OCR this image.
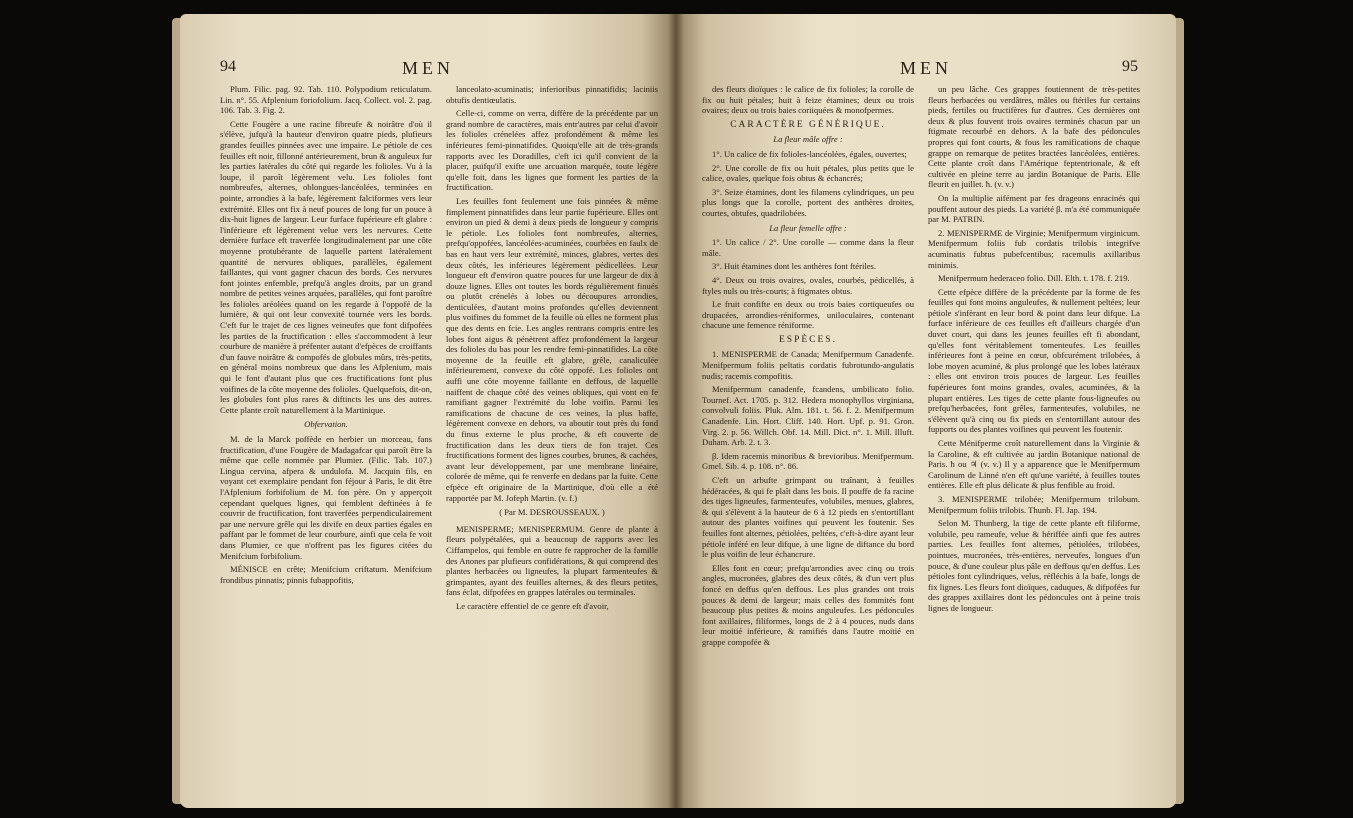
94	MEN

Plum. Filic. pag. 92. Tab. 110. Polypodium reticulatum. Lin. n°. 55. Afplenium foriofolium. Jacq. Collect. vol. 2. pag. 106. Tab. 3. Fig. 2.

Cette Fougère a une racine fibreufe & noirâtre d'où il s'élève, jufqu'à la hauteur d'environ quatre pieds, plufieurs grandes feuilles pinnées avec une impaire. Le pétiole de ces feuilles eft noir, fillonné antérieurement, brun & anguleux fur les parties latérales du côté qui regarde les folioles. Vu à la loupe, il paroît légèrement velu. Les folioles font nombreufes, alternes, oblongues-lancéolées, terminées en pointe, arrondies à la bafe, légèrement falciformes vers leur extrémité. Elles ont fix à neuf pouces de long fur un pouce à dix-huit lignes de largeur. Leur furface fupérieure eft glabre : l'inférieure eft légèrement velue vers les nervures. Cette dernière furface eft traverfée longitudinalement par une côte moyenne protubérante de laquelle partent latéralement quantité de nervures obliques, parallèles, également faillantes, qui vont gagner chacun des bords. Ces nervures font jointes enfemble, prefqu'à angles droits, par un grand nombre de petites veines arquées, parallèles, qui font paroître les folioles aréolées quand on les regarde à l'oppofé de la lumière, & qui ont leur convexité tournée vers les bords. C'eft fur le trajet de ces lignes veineufes que font difpofées les parties de la fructification : elles s'accommodent à leur courbure de manière à préfenter autant d'efpèces de croiffants d'un fauve noirâtre & compofés de globules mûrs, très-petits, en général moins nombreux que dans les Afplenium, mais qui le font d'autant plus que ces fructifications font plus voifines de la côte moyenne des folioles. Quelquefois, dit-on, les globules font plus rares & diftincts les uns des autres. Cette plante croît naturellement à la Martinique.

Obfervation.

M. de la Marck poffède en herbier un morceau, fans fructification, d'une Fougère de Madagafcar qui paroît être la même que celle nommée par Plumier. (Filic. Tab. 107.) Lingua cervina, afpera & undulofa. M. Jacquin fils, en voyant cet exemplaire pendant fon féjour à Paris, le dit être l'Afplenium forbifolium de M. fon père. On y apperçoit cependant quelques lignes, qui femblent deftinées à fe couvrir de fructification, font traverfées perpendiculairement par une nervure grêle qui les divife en deux parties égales en paffant par le fommet de leur courbure, ainfi que cela fe voit dans Plumier, ce que n'offrent pas les figures citées du Menifcium forbifolium.

MÉNISCE en crête; Menifcium criftatum. Menifcium frondibus pinnatis; pinnis fubappofitis,

lanceolato-acuminatis; inferioribus pinnatifidis; laciniis obtufis dentiœulatis.

Celle-ci, comme on verra, diffère de la précédente par un grand nombre de caractères, mais entr'autres par celui d'avoir les folioles crénelées affez profondément & même les inférieures femi-pinnatifides. Quoiqu'elle ait de très-grands rapports avec les Doradilles, c'eft ici qu'il convient de la placer, puifqu'il exifte une arcuation marquée, toute légère qu'elle foit, dans les lignes que forment les parties de la fructification.

Les feuilles font feulement une fois pinnées & même fimplement pinnatifides dans leur partie fupérieure. Elles ont environ un pied & demi à deux pieds de longueur y compris le pétiole. Les folioles font nombreufes, alternes, prefqu'oppofées, lancéolées-acuminées, courbées en faulx de bas en haut vers leur extrémité, minces, glabres, vertes des deux côtés, les inférieures légèrement pédicellées. Leur longueur eft d'environ quatre pouces fur une largeur de dix à douze lignes. Elles ont toutes les bords régulièrement finués ou plutôt crénelés à lobes ou découpures arrondies, denticulées, d'autant moins profondes qu'elles deviennent plus voifines du fommet de la feuille où elles ne forment plus que des dents en fcie. Les angles rentrans compris entre les lobes font aigus & pénètrent affez profondément la largeur des folioles du bas pour les rendre femi-pinnatifides. La côte moyenne de la feuille eft glabre, grêle, canaliculée inférieurement, convexe du côté oppofé. Les folioles ont auffi une côte moyenne faillante en deffous, de laquelle naiffent de chaque côté des veines obliques, qui vont en fe ramifiant gagner l'extrémité du lobe voifin. Parmi les ramifications de chacune de ces veines, la plus baffe, légèrement convexe en dehors, va aboutir tout près du fond du finus externe le plus proche, & eft couverte de fructification dans les deux tiers de fon trajet. Ces fructifications forment des lignes courbes, brunes, & cachées, avant leur développement, par une membrane linéaire, colorée de même, qui fe renverfe en dedans par la fuite. Cette efpèce eft originaire de la Martinique, d'où elle a été rapportée par M. Jofeph Martin. (v. f.)

( Par M. DESROUSSEAUX. )

MENISPERME; MENISPERMUM. Genre de plante à fleurs polypétalées, qui a beaucoup de rapports avec les Ciffampelos, qui femble en outre fe rapprocher de la famille des Anones par plufieurs confidérations, & qui comprend des plantes herbacées ou ligneufes, la plupart farmenteufes & grimpantes, ayant des feuilles alternes, & des fleurs petites, fans éclat, difpofées en grappes latérales ou terminales.

Le caractère effentiel de ce genre eft d'avoir,

MEN	95

des fleurs dioïques : le calice de fix folioles; la corolle de fix ou huit pétales; huit à feize étamines; deux ou trois ovaires; deux ou trois baies coriiquées & monofpermes.

CARACTÈRE GÉNÉRIQUE.

La fleur mâle offre :

1°. Un calice de fix folioles-lancéolées, égales, ouvertes;

2°. Une corolle de fix ou huit pétales, plus petits que le calice, ovales, quelque fois obtus & échancrés;

3°. Seize étamines, dont les filamens cylindriques, un peu plus longs que la corolle, portent des anthères droites, courtes, obtufes, quadrilobées.

La fleur femelle offre :

1°. Un calice / 2°. Une corolle — comme dans la fleur mâle.

3°. Huit étamines dont les anthères font ftériles.

4°. Deux ou trois ovaires, ovales, courbés, pédicellés, à ftyles nuls ou très-courts; à ftigmates obtus.

Le fruit confifte en deux ou trois baies cortiqueufes ou drupacées, arrondies-réniformes, uniloculaires, contenant chacune une femence réniforme.

ESPÈCES.

1. MENISPERME de Canada; Menifpermum Canadenfe. Menifpermum foliis peltatis cordatis fubrotundo-angulatis nudis; racemis compofitis.

Menifpermum canadenfe, fcandens, umbilicato folio. Tournef. Act. 1705. p. 312. Hedera monophyllos virginiana, convolvuli foliis. Pluk. Alm. 181. t. 56. f. 2. Menifpermum Canadenfe. Lin. Hort. Cliff. 140. Hort. Upf. p. 91. Gron. Virg. 2. p. 56. Willch. Obf. 14. Mill. Dict. n°. 1. Mill. Illuft. Duham. Arb. 2. t. 3.

β. Idem racemis minoribus & brevioribus. Menifpermum. Gmel. Sib. 4. p. 108. n°. 86.

C'eft un arbufte grimpant ou traînant, à feuilles hédéracées, & qui fe plaît dans les bois. Il pouffe de fa racine des tiges ligneufes, farmenteufes, volubiles, menues, glabres, & qui s'élèvent à la hauteur de 6 à 12 pieds en s'entortillant autour des plantes voifines qui peuvent les foutenir. Ses feuilles font alternes, pétiolées, peltées, c'eft-à-dire ayant leur pétiole inféré en leur difque, à une ligne de diftance du bord le plus voifin de leur échancrure.

Elles font en cœur; prefqu'arrondies avec cinq ou trois angles, mucronées, glabres des deux côtés, & d'un vert plus foncé en deffus qu'en deffous. Les plus grandes ont trois pouces & demi de largeur; mais celles des fommités font beaucoup plus petites & moins anguleufes. Les pédoncules font axillaires, filiformes, longs de 2 à 4 pouces, nuds dans leur moitié inférieure, & ramifiés dans l'autre moitié en grappe compofée &

un peu lâche. Ces grappes foutiennent de très-petites fleurs herbacées ou verdâtres, mâles ou ftériles fur certains pieds, fertiles ou fructifères fur d'autres. Ces dernières ont deux & plus fouvent trois ovaires terminés chacun par un ftigmate recourbé en dehors. A la bafe des pédoncules propres qui font courts, & fous les ramifications de chaque grappe on remarque de petites bractées lancéolées, entières. Cette plante croît dans l'Amérique feptentrionale, & eft cultivée en pleine terre au jardin Botanique de Paris. Elle fleurit en juillet. ħ. (v. v.)

On la multiplie aifément par fes drageons enracinés qui pouffent autour des pieds. La variété β. m'a été communiquée par M. PATRIN.

2. MENISPERME de Virginie; Menifpermum virginicum. Menifpermum foliis fub cordatis trilobis integrifve acuminatis fubtus pubefcentibus; racemulis axillaribus minimis.

Menifpermum hederaceo folio. Dill. Elth. t. 178. f. 219.

Cette efpèce diffère de la précédente par la forme de fes feuilles qui font moins anguleufes, & nullement peltées; leur pétiole s'infèrant en leur bord & point dans leur difque. La furface inférieure de ces feuilles eft d'ailleurs chargée d'un duvet court, qui dans les jeunes feuilles eft fi abondant, qu'elles font véritablement tomenteufes. Les feuilles inférieures font à peine en cœur, obfcurément trilobées, à lobe moyen acuminé, & plus prolongé que les lobes latéraux : elles ont environ trois pouces de largeur. Les feuilles fupérieures font moins grandes, ovales, acuminées, & la plupart entières. Les tiges de cette plante fous-ligneufes ou prefqu'herbacées, font grêles, farmenteufes, volubiles, ne s'élèvent qu'à cinq ou fix pieds en s'entortillant autour des fupports ou des plantes voifines qui peuvent les foutenir.

Cette Ménifperme croît naturellement dans la Virginie & la Caroline, & eft cultivée au jardin Botanique national de Paris. ħ ou ♃ (v. v.) Il y a apparence que le Menifpermum Carolinum de Linné n'en eft qu'une variété, à feuilles toutes entières. Elle eft plus délicate & plus fenfible au froid.

3. MENISPERME trilobée; Menifpermum trilobum. Menifpermum foliis trilobis. Thunb. Fl. Jap. 194.

Selon M. Thunberg, la tige de cette plante eft filiforme, volubile, peu rameufe, velue & hériffée ainfi que fes autres parties. Les feuilles font alternes, pétiolées, trilobées, pointues, mucronées, très-entières, nerveufes, longues d'un pouce, & d'une couleur plus pâle en deffous qu'en deffus. Les pétioles font cylindriques, velus, réfléchis à la bafe, longs de fix lignes. Les fleurs font dioïques, caduques, & difpofées fur des grappes axillaires dont les pédoncules ont à peine trois lignes de longueur.
